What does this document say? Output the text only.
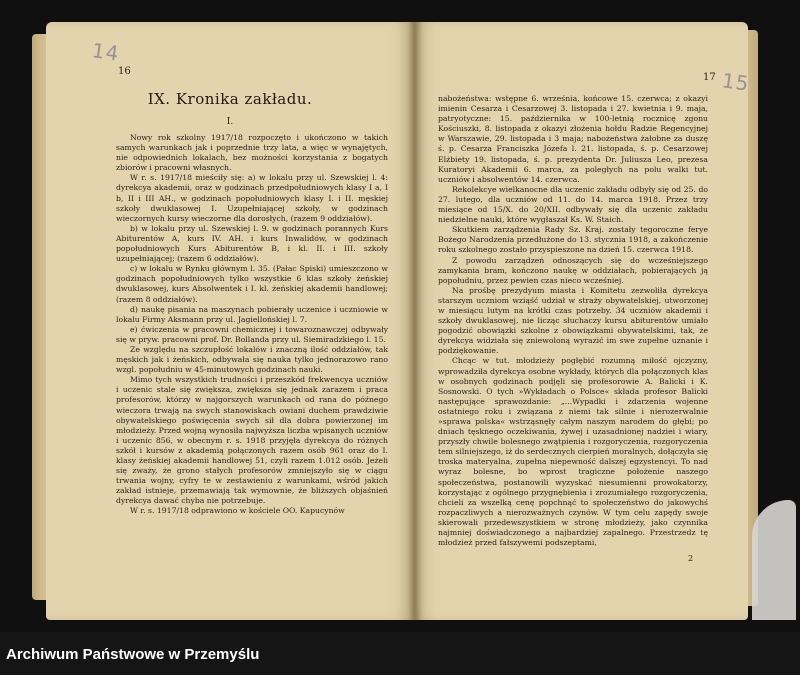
14
15
16
17
IX. Kronika zakładu.
I.

Nowy rok szkolny 1917/18 rozpoczęto i ukończono w takich samych warunkach jak i poprzednie trzy lata, a więc w wynajętych, nie odpowiednich lokalach, bez możności korzystania z bogatych zbiorów i pracowni własnych.

W r. s. 1917/18 mieściły się: a) w lokalu przy ul. Szewskiej l. 4: dyrekcya akademii, oraz w godzinach przedpołudniowych klasy I a, I b, II i III AH., w godzinach popołudniowych klasy I. i II. męskiej szkoły dwuklasowej I. Uzupełniającej szkoły, w godzinach wieczornych kursy wieczorne dla dorosłych, (razem 9 oddziałów).

b) w lokalu przy ul. Szewskiej l. 9. w godzinach porannych Kurs Abiturentów A, kurs IV. AH. i kurs Inwalidów, w godzinach popołudniowych Kurs Abiturentów B, i kl. II. i III. szkoły uzupełniającej; (razem 6 oddziałów).

c) w lokalu w Rynku głównym l. 35. (Pałac Spiski) umieszczono w godzinach popołudniowych tylko wszystkie 6 klas szkoły żeńskiej dwuklasowej, kurs Absolwentek i I. kl. żeńskiej akademii handlowej; (razem 8 oddziałów).

d) naukę pisania na maszynach pobierały uczenice i uczniowie w lokalu Firmy Aksmann przy ul. Jagiellońskiej l. 7.

e) ćwiczenia w pracowni chemicznej i towaroznawczej odbywały się w pryw. pracowni prof. Dr. Bollanda przy ul. Siemiradzkiego l. 15.

Ze względu na szczupłość lokalów i znaczną ilość oddziałów, tak męskich jak i żeńskich, odbywała się nauka tylko jednorazowo rano wzgl. popołudniu w 45-minutowych godzinach nauki.

Mimo tych wszystkich trudności i przeszkód frekwencya uczniów i uczenic stale się zwiększa, zwiększa się jednak zarazem i praca profesorów, którzy w najgorszych warunkach od rana do późnego wieczora trwają na swych stanowiskach owiani duchem prawdziwie obywatelskiego poświęcenia swych sił dla dobra powierzonej im młodzieży. Przed wojną wynosiła najwyższa liczba wpisanych uczniów i uczenic 856, w obecnym r. s. 1918 przyjęła dyrekcya do różnych szkół i kursów z akademią połączonych razem osób 961 oraz do I. klasy żeńskiej akademii handlowej 51, czyli razem 1.012 osób. Jeżeli się zważy, że grono stałych profesorów zmniejszyło się w ciągu trwania wojny, cyfry te w zestawieniu z warunkami, wśród jakich zakład istnieje, przemawiają tak wymownie, że bliższych objaśnień dyrekcya dawać chyba nie potrzebuje.

W r. s. 1917/18 odprawiono w kościele OO. Kapucynów

nabożeństwa: wstępne 6. września, końcowe 15. czerwca; z okazyi imienin Cesarza i Cesarzowej 3. listopada i 27. kwietnia i 9. maja, patryotyczne: 15. października w 100-letnią rocznicę zgonu Kościuszki, 8. listopada z okazyi złożenia hołdu Radzie Regencyjnej w Warszawie, 29. listopada i 3 maja; nabożeństwa żałobne za duszę ś. p. Cesarza Franciszka Józefa l. 21. listopada, ś. p. Cesarzowej Elżbiety 19. listopada, ś. p. prezydenta Dr. Juliusza Leo, prezesa Kuratoryi Akademii 6. marca, za poległych na polu walki tut. uczniów i absolwentów 14. czerwca.

Rekolekcye wielkanocne dla uczenic zakładu odbyły się od 25. do 27. lutego, dla uczniów od 11. do 14. marca 1918. Przez trzy miesiące od 15/X. do 20/XII. odbywały się dla uczenic zakładu niedzielne nauki, które wygłaszał Ks. W. Staich.

Skutkiem zarządzenia Rady Sz. Kraj. zostały tegoroczne ferye Bożego Narodzenia przedłużone do 13. stycznia 1918, a zakończenie roku szkolnego zostało przyspieszone na dzień 15. czerwca 1918.

Z powodu zarządzeń odnoszących się do wcześniejszego zamykania bram, kończono naukę w oddziałach, pobierających ją popołudniu, przez pewien czas nieco wcześniej.

Na prośbę prezydyum miasta i Komitetu zezwoliła dyrekcya starszym uczniom wziąść udział w straży obywatelskiej, utworzonej w miesiącu lutym na krótki czas potrzeby. 34 uczniów akademii i szkoły dwuklasowej, nie licząc słuchaczy kursu abiturentów umiało pogodzić obowiązki szkolne z obowiązkami obywatelskimi, tak, że dyrekcya widziała się zniewoloną wyrazić im swe zupełne uznanie i podziękowanie.

Chcąc w tut. młodzieży pogłębić rozumną miłość ojczyzny, wprowadziła dyrekcya osobne wykłady, których dla połączonych klas w osobnych godzinach podjęli się profesorowie A. Balicki i K. Sosnowski. O tych »Wykładach o Polsce« składa profesor Balicki następujące sprawozdanie: „...Wypadki i zdarzenia wojenne ostatniego roku i związana z niemi tak silnie i nierozerwalnie »sprawa polska« wstrząsnęły całym naszym narodem do głębi; po dniach tęsknego oczekiwania, żywej i uzasadnionej nadziei i wiary, przyszły chwile bolesnego zwątpienia i rozgoryczenia, rozgoryczenia tem silniejszego, iż do serdecznych cierpień moralnych, dołączyła się troska materyalna, zupełna niepewność dalszej egzystencyi. To nad wyraz bolesne, bo wprost tragiczne położenie naszego społeczeństwa, postanowili wyzyskać niesumienni prowokatorzy, korzystając z ogólnego przygnębienia i zrozumiałego rozgoryczenia, chcieli za wszelką cenę popchnąć to społeczeństwo do jakowychś rozpaczliwych a nierozważnych czynów. W tym celu zapędy swoje skierowali przedewszystkiem w stronę młodzieży, jako czynnika najmniej doświadczonego a najbardziej zapalnego. Przestrzedz tę młodzież przed fałszywemi podszeptami,

2
Archiwum Państwowe w Przemyślu
